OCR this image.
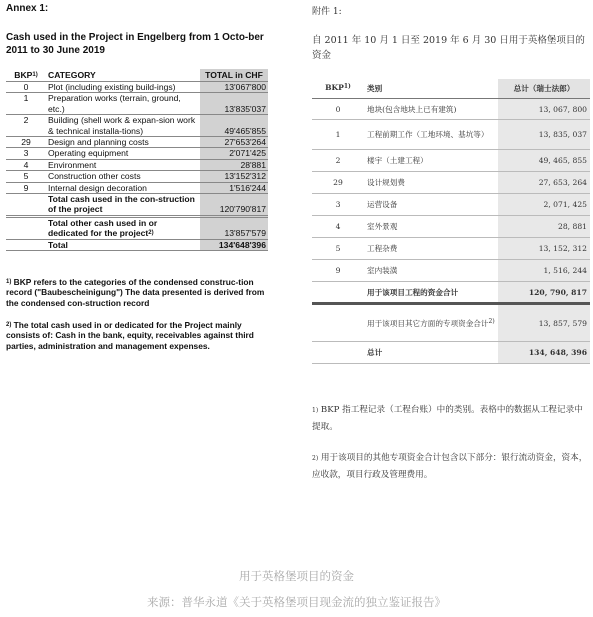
Annex 1:
Cash used in the Project in Engelberg from 1 Octo-ber 2011 to 30 June 2019
BKP$^{1)}$	CATEGORY	TOTAL in CHF
0	Plot (including existing build-ings)	13'067'800
1	Preparation works (terrain, ground, etc.)	13'835'037
2	Building (shell work & expan-sion work & technical installa-tions)	49'465'855
29	Design and planning costs	27'653'264
3	Operating equipment	2'071'425
4	Environment	28'881
5	Construction other costs	13'152'312
9	Internal design decoration	1'516'244
	Total cash used in the con-struction of the project	120'790'817
	Total other cash used in or dedicated for the project$^{2)}$	13'857'579
	Total	134'648'396

$^{1)}$ BKP refers to the categories of the condensed construc-tion record ("Baubescheinigung") The data presented is derived from the condensed con-struction record

$^{2)}$ The total cash used in or dedicated for the Project mainly consists of: Cash in the bank, equity, receivables against third parties, administration and management expenses.

附件 1:
自 2011 年 10 月 1 日至 2019 年 6 月 30 日用于英格堡项目的资金
BKP$^{1)}$	类别	总计（瑞士法郎）
0	地块(包含地块上已有建筑)	13, 067, 800
1	工程前期工作（工地环境、基坑等）	13, 835, 037
2	楼宇（土建工程）	49, 465, 855
29	设计规划费	27, 653, 264
3	运营设备	2, 071, 425
4	室外景观	28, 881
5	工程杂费	13, 152, 312
9	室内装潢	1, 516, 244
	用于该项目工程的资金合计	120, 790, 817
	用于该项目其它方面的专项资金合计$^{2)}$	13, 857, 579
	总计	134, 648, 396

$^{1)}$ BKP 指工程记录（工程台账）中的类别。表格中的数据从工程记录中提取。

$^{2)}$ 用于该项目的其他专项资金合计包含以下部分：银行流动资金，资本，应收款，项目行政及管理费用。

用于英格堡项目的资金
来源：普华永道《关于英格堡项目现金流的独立鉴证报告》
